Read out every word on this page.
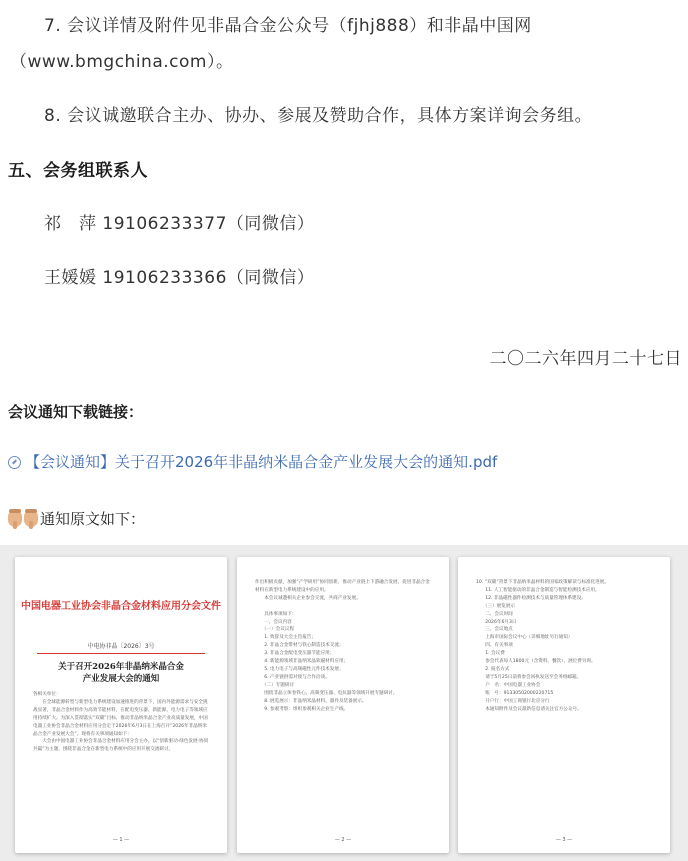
7. 会议详情及附件见非晶合金公众号（fjhj888）和非晶中国网
（www.bmgchina.com）。
8. 会议诚邀联合主办、协办、参展及赞助合作，具体方案详询会务组。
五、会务组联系人
祁　萍 19106233377（同微信）
王媛媛 19106233366（同微信）
二〇二六年四月二十七日
会议通知下载链接：
【会议通知】关于召开2026年非晶纳米晶合金产业发展大会的通知.pdf
通知原文如下：
中国电器工业协会非晶合金材料应用分会文件
中电协非晶〔2026〕3号
关于召开2026年非晶纳米晶合金
产业发展大会的通知
各相关单位：
　　在全球能源转型与新型电力系统建设加速推进的背景下，国内外能源需求与安全挑战显著，非晶合金材料作为高效节能材料，在配电变压器、新能源、电力电子等领域应用持续扩大。为深入贯彻落实“双碳”目标，推动非晶纳米晶合金产业高质量发展，中国电器工业协会非晶合金材料应用分会定于2026年6月3日在上海召开“2026年非晶纳米晶合金产业发展大会”。现将有关事项通知如下：
　　大会由中国电器工业协会非晶合金材料应用分会主办，以“创新驱动·绿色发展·协同共赢”为主题，围绕非晶合金在新型电力系统中的应用开展交流研讨。
— 1 —
作出积极贡献，加强“产学研用”协同创新，推动产业链上下游融合发展，促进非晶合金材料在新型电力系统建设中的应用。
　　本会议诚邀相关企业参会交流，共商产业发展。

　　具体事项如下：
　　一、会议内容
　　（一）会议议程
　　1. 致辞及大会主旨报告；
　　2. 非晶合金带材与铁心制造技术交流；
　　3. 非晶合金配电变压器节能应用；
　　4. 新能源领域非晶纳米晶软磁材料应用；
　　5. 电力电子与高频磁性元件技术发展；
　　6. 产业链供需对接与合作洽谈。
　　（二）专题研讨
　　围绕非晶立体卷铁心、高频变压器、电抗器等领域开展专题研讨。
　　8. 展览展示：非晶纳米晶材料、器件及装备展示。
　　9. 参观考察：组织参观相关企业生产线。
— 2 —
10. “双碳”背景下非晶纳米晶材料的国家政策解读与标准化进展。
　　11. 人工智能驱动的非晶合金制造与智能检测技术应用。
　　12. 非晶磁性器件检测技术与质量管理体系建设。
　　（三）展览展示
　　二、会议时间
　　2026年6月3日
　　三、会议地点
　　上海市国际会议中心（详细地址另行通知）
　　四、有关事项
　　1. 会议费
　　参会代表每人1800元（含资料、餐饮），展位费另询。
　　2. 报名方式
　　请于5月25日前将参会回执发送至会务组邮箱。
　　户　名：中国电器工业协会
　　账　号：91330502000220715
　　开户行：中国工商银行北京分行
　　本通知附件及会议最新信息请关注官方公众号。
— 3 —
